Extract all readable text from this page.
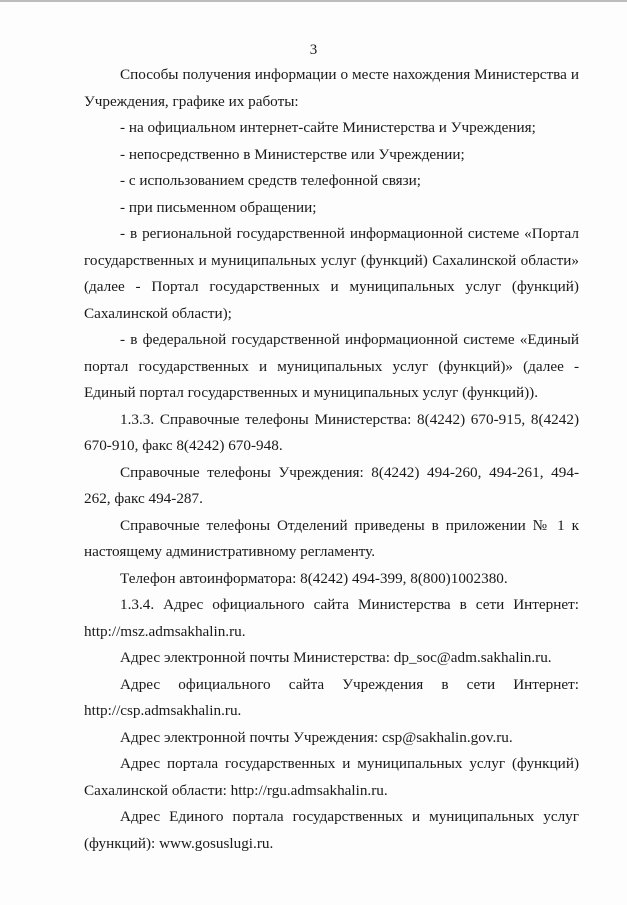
3

Способы получения информации о месте нахождения Министерства и Учреждения, графике их работы:

- на официальном интернет-сайте Министерства и Учреждения;

- непосредственно в Министерстве или Учреждении;

- с использованием средств телефонной связи;

- при письменном обращении;

- в региональной государственной информационной системе «Портал государственных и муниципальных услуг (функций) Сахалинской области» (далее - Портал государственных и муниципальных услуг (функций) Сахалинской области);

- в федеральной государственной информационной системе «Единый портал государственных и муниципальных услуг (функций)» (далее - Единый портал государственных и муниципальных услуг (функций)).

1.3.3. Справочные телефоны Министерства: 8(4242) 670-915, 8(4242) 670-910, факс 8(4242) 670-948.

Справочные телефоны Учреждения: 8(4242) 494-260, 494-261, 494-262, факс 494-287.

Справочные телефоны Отделений приведены в приложении № 1 к настоящему административному регламенту.

Телефон автоинформатора: 8(4242) 494-399, 8(800)1002380.

1.3.4. Адрес официального сайта Министерства в сети Интернет: http://msz.admsakhalin.ru.

Адрес электронной почты Министерства: dp_soc@adm.sakhalin.ru.

Адрес официального сайта Учреждения в сети Интернет: http://csp.admsakhalin.ru.

Адрес электронной почты Учреждения: csp@sakhalin.gov.ru.

Адрес портала государственных и муниципальных услуг (функций) Сахалинской области: http://rgu.admsakhalin.ru.

Адрес Единого портала государственных и муниципальных услуг (функций): www.gosuslugi.ru.
